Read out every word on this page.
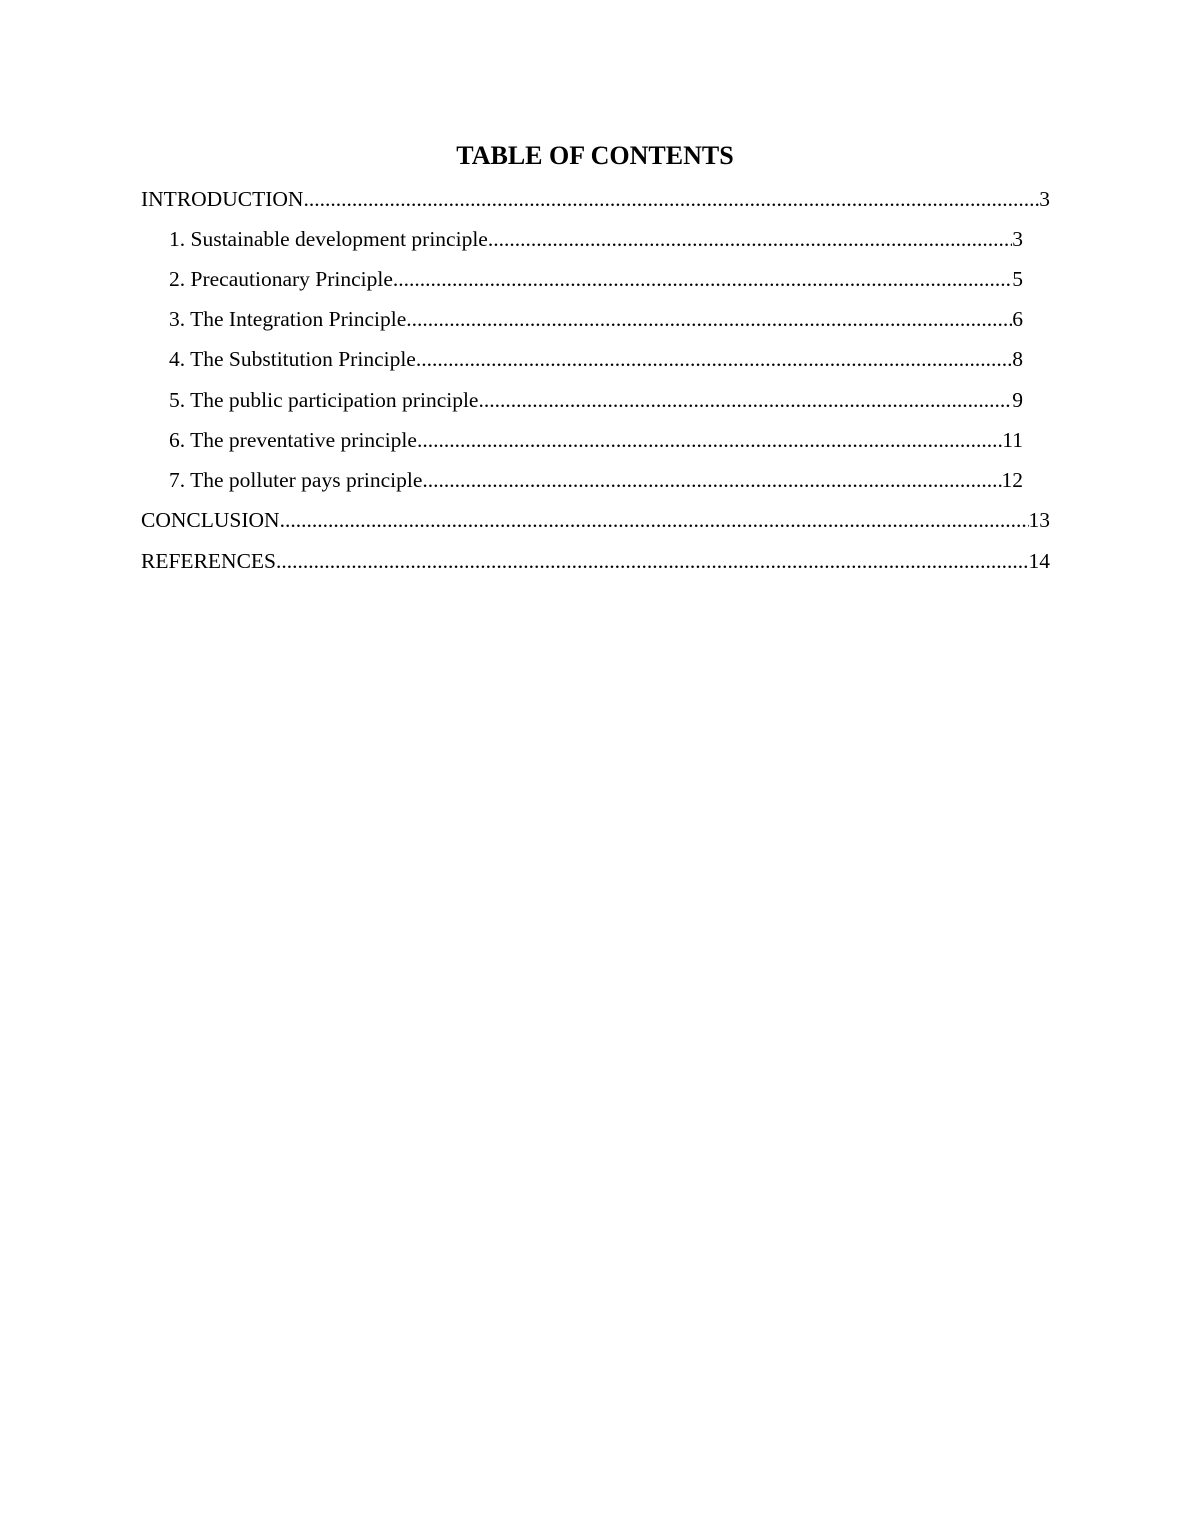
TABLE OF CONTENTS
INTRODUCTION .....	3
1. Sustainable development principle .....	3
2. Precautionary Principle .....	5
3. The Integration Principle .....	6
4. The Substitution Principle .....	8
5. The public participation principle .....	9
6. The preventative principle .....	11
7. The polluter pays principle .....	12
CONCLUSION .....	13
REFERENCES .....	14
